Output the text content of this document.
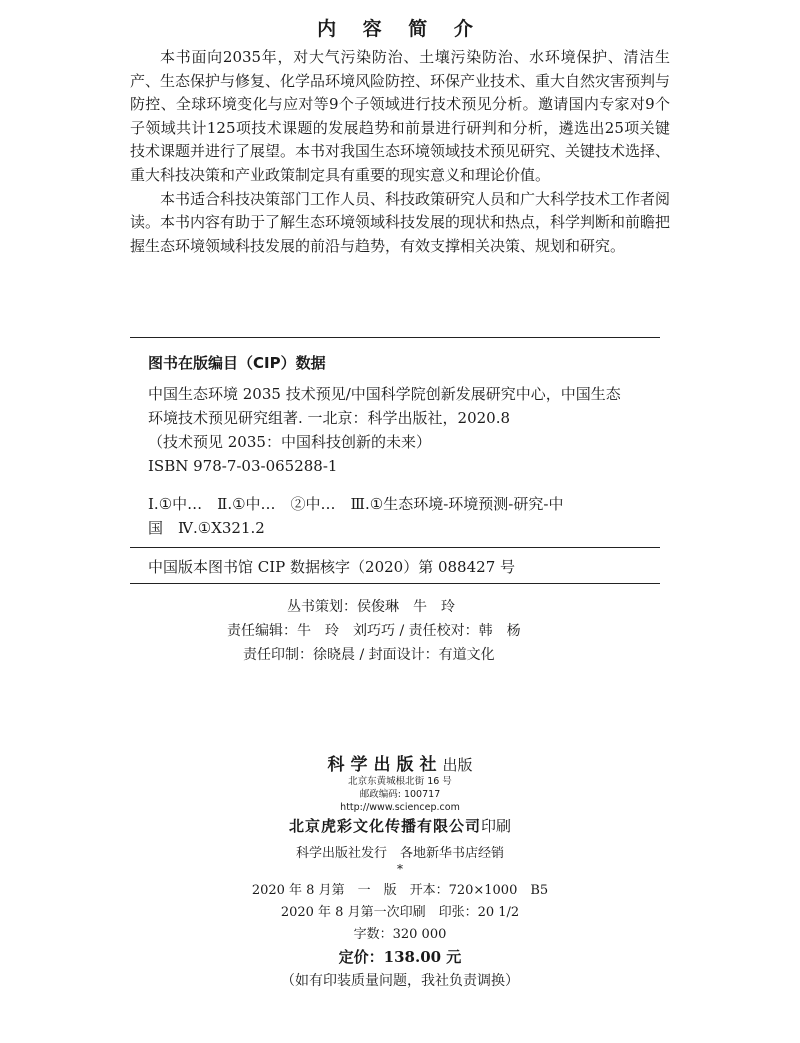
内 容 简 介

本书面向2035年，对大气污染防治、土壤污染防治、水环境保护、清洁生产、生态保护与修复、化学品环境风险防控、环保产业技术、重大自然灾害预判与防控、全球环境变化与应对等9个子领域进行技术预见分析。邀请国内专家对9个子领域共计125项技术课题的发展趋势和前景进行研判和分析，遴选出25项关键技术课题并进行了展望。本书对我国生态环境领域技术预见研究、关键技术选择、重大科技决策和产业政策制定具有重要的现实意义和理论价值。

本书适合科技决策部门工作人员、科技政策研究人员和广大科学技术工作者阅读。本书内容有助于了解生态环境领域科技发展的现状和热点，科学判断和前瞻把握生态环境领域科技发展的前沿与趋势，有效支撑相关决策、规划和研究。

图书在版编目（CIP）数据
中国生态环境 2035 技术预见/中国科学院创新发展研究中心，中国生态
环境技术预见研究组著. 一北京：科学出版社，2020.8
（技术预见 2035：中国科技创新的未来）
ISBN 978-7-03-065288-1
Ⅰ.①中…　Ⅱ.①中…　②中…　Ⅲ.①生态环境-环境预测-研究-中
国　Ⅳ.①X321.2
中国版本图书馆 CIP 数据核字（2020）第 088427 号
丛书策划：侯俊琳　牛　玲
责任编辑：牛　玲　刘巧巧 / 责任校对：韩　杨
责任印制：徐晓晨 / 封面设计：有道文化
科学出版社出版
北京东黄城根北街 16 号
邮政编码: 100717
http://www.sciencep.com
北京虎彩文化传播有限公司印刷
科学出版社发行　各地新华书店经销
*
2020 年 8 月第　一　版　开本：720×1000　B5
2020 年 8 月第一次印刷　印张：20 1/2
字数：320 000
定价：138.00 元
（如有印装质量问题，我社负责调换）
